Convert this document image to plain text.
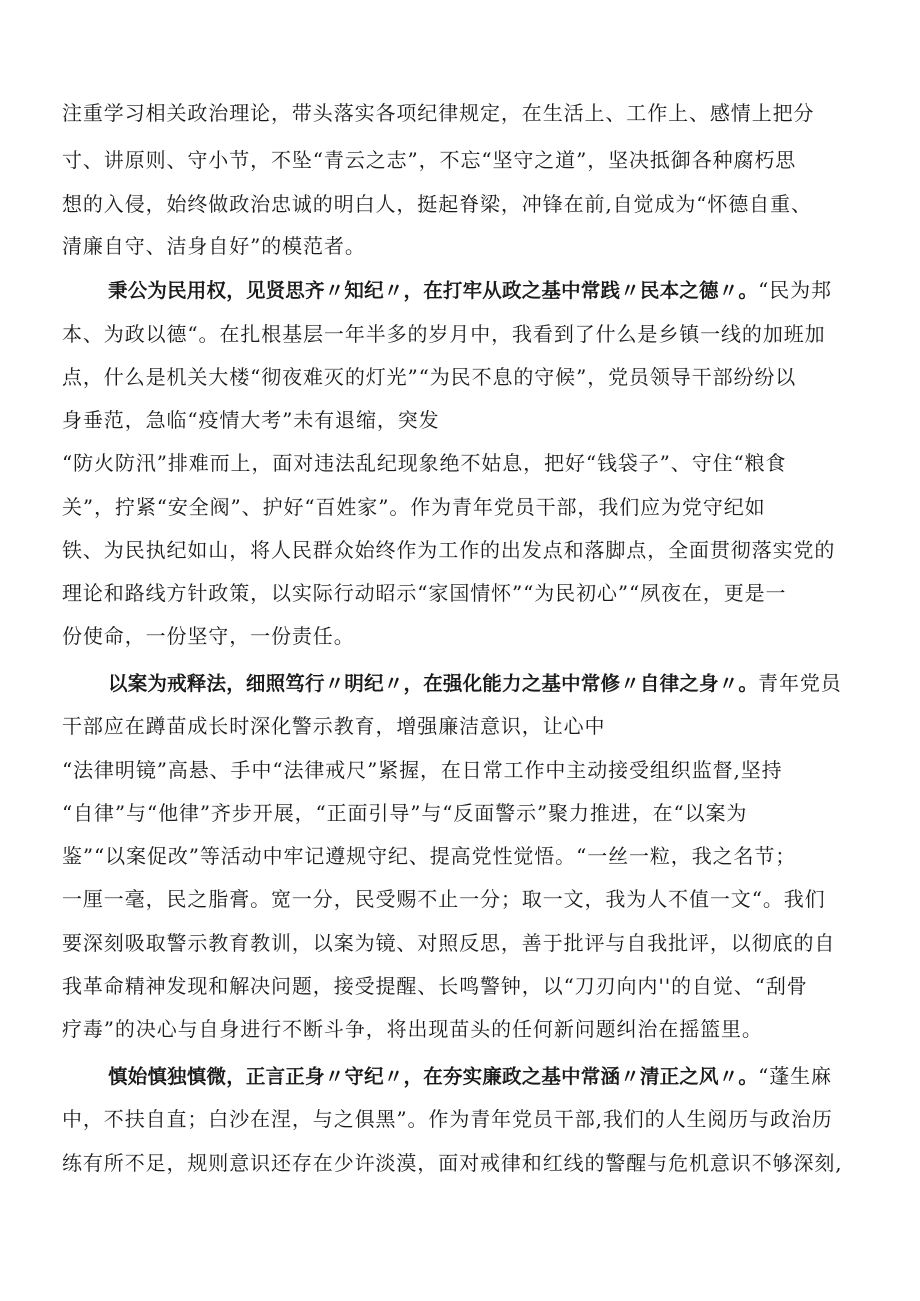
注重学习相关政治理论，带头落实各项纪律规定，在生活上、工作上、感情上把分
寸、讲原则、守小节，不坠“青云之志”，不忘“坚守之道”，坚决抵御各种腐朽思
想的入侵，始终做政治忠诚的明白人，挺起脊梁，冲锋在前,自觉成为“怀德自重、
清廉自守、洁身自好”的模范者。
秉公为民用权，见贤思齐〃知纪〃，在打牢从政之基中常践〃民本之德〃。“民为邦
本、为政以德“。在扎根基层一年半多的岁月中，我看到了什么是乡镇一线的加班加
点，什么是机关大楼“彻夜难灭的灯光”“为民不息的守候”，党员领导干部纷纷以
身垂范，急临“疫情大考”未有退缩，突发
“防火防汛”排难而上，面对违法乱纪现象绝不姑息，把好“钱袋子”、守住“粮食
关”，拧紧“安全阀”、护好“百姓家”。作为青年党员干部，我们应为党守纪如
铁、为民执纪如山，将人民群众始终作为工作的出发点和落脚点，全面贯彻落实党的
理论和路线方针政策，以实际行动昭示“家国情怀”“为民初心”“夙夜在，更是一
份使命，一份坚守，一份责任。
以案为戒释法，细照笃行〃明纪〃，在强化能力之基中常修〃自律之身〃。青年党员
干部应在蹲苗成长时深化警示教育，增强廉洁意识，让心中
“法律明镜”高悬、手中“法律戒尺”紧握，在日常工作中主动接受组织监督,坚持
“自律”与“他律”齐步开展，“正面引导”与“反面警示”聚力推进，在“以案为
鉴”“以案促改”等活动中牢记遵规守纪、提高党性觉悟。“一丝一粒，我之名节；
一厘一毫，民之脂膏。宽一分，民受赐不止一分；取一文，我为人不值一文“。我们
要深刻吸取警示教育教训，以案为镜、对照反思，善于批评与自我批评，以彻底的自
我革命精神发现和解决问题，接受提醒、长鸣警钟，以“刀刃向内''的自觉、“刮骨
疗毒”的决心与自身进行不断斗争，将出现苗头的任何新问题纠治在摇篮里。
慎始慎独慎微，正言正身〃守纪〃，在夯实廉政之基中常涵〃清正之风〃。“蓬生麻
中，不扶自直；白沙在涅，与之俱黑”。作为青年党员干部,我们的人生阅历与政治历
练有所不足，规则意识还存在少许淡漠，面对戒律和红线的警醒与危机意识不够深刻,
